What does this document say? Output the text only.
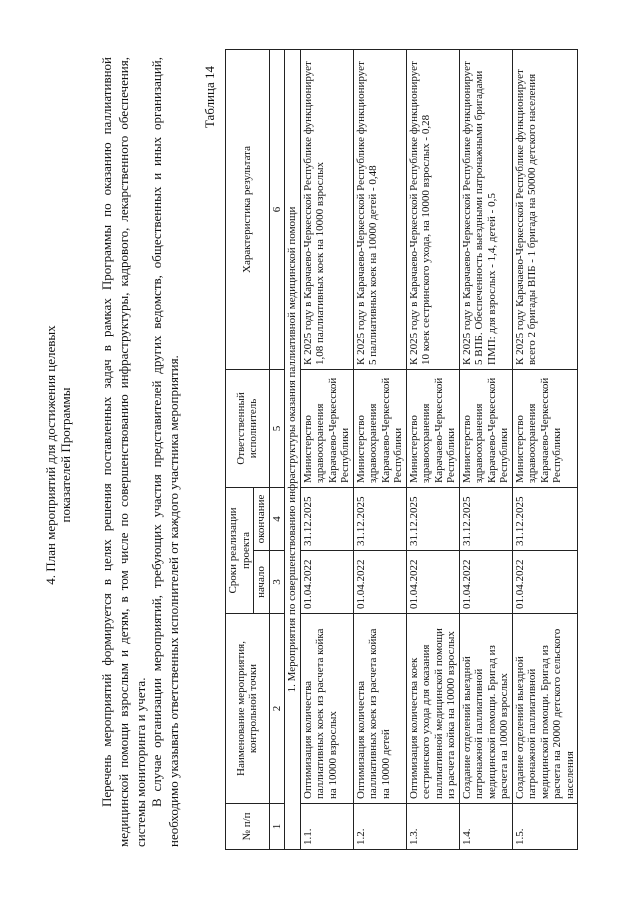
4. План мероприятий для достижения целевых показателей Программы Перечень мероприятий формируется в целях решения поставленных задач в рамках Программы по оказанию паллиативной медицинской помощи взрослым и детям, в том числе по совершенствованию инфраструктуры, кадрового, лекарственного обеспечения, системы мониторинга и учета. В случае организации мероприятий, требующих участия представителей других ведомств, общественных и иных организаций, необходимо указывать ответственных исполнителей от каждого участника мероприятия.
Таблица 14
№ п/п	Наименование мероприятия, контрольной точки	Сроки реализации проекта		Ответственный исполнитель	Характеристика результата
		начало	окончание		
1	2	3	4	5	6
1. Мероприятия по совершенствованию инфраструктуры оказания паллиативной медицинской помощи					
1.1.	Оптимизация количества паллиативных коек из расчета койка на 10000 взрослых	01.04.2022	31.12.2025	Министерство здравоохранения Карачаево-Черкесской Республики	К 2025 году в Карачаево-Черкесской Республике функционирует 1,08 паллиативных коек на 10000 взрослых
1.2.	Оптимизация количества паллиативных коек из расчета койка на 10000 детей	01.04.2022	31.12.2025	Министерство здравоохранения Карачаево-Черкесской Республики	К 2025 году в Карачаево-Черкесской Республике функционирует 5 паллиативных коек на 10000 детей - 0,48
1.3.	Оптимизация количества коек сестринского ухода для оказания паллиативной медицинской помощи из расчета койка на 10000 взрослых	01.04.2022	31.12.2025	Министерство здравоохранения Карачаево-Черкесской Республики	К 2025 году в Карачаево-Черкесской Республике функционирует 10 коек сестринского ухода, на 10000 взрослых - 0,28
1.4.	Создание отделений выездной патронажной паллиативной медицинской помощи. Бригад из расчета на 10000 взрослых	01.04.2022	31.12.2025	Министерство здравоохранения Карачаево-Черкесской Республики	К 2025 году в Карачаево-Черкесской Республике функционирует 5 ВПБ. Обеспеченность выездными патронажными бригадами ПМП: для взрослых - 1,4, детей - 0,5
1.5.	Создание отделений выездной патронажной паллиативной медицинской помощи. Бригад из расчета на 20000 детского сельского населения	01.04.2022	31.12.2025	Министерство здравоохранения Карачаево-Черкесской Республики	К 2025 году Карачаево-Черкесской Республике функционирует всего 2 бригады ВПБ - 1 бригада на 50000 детского населения
